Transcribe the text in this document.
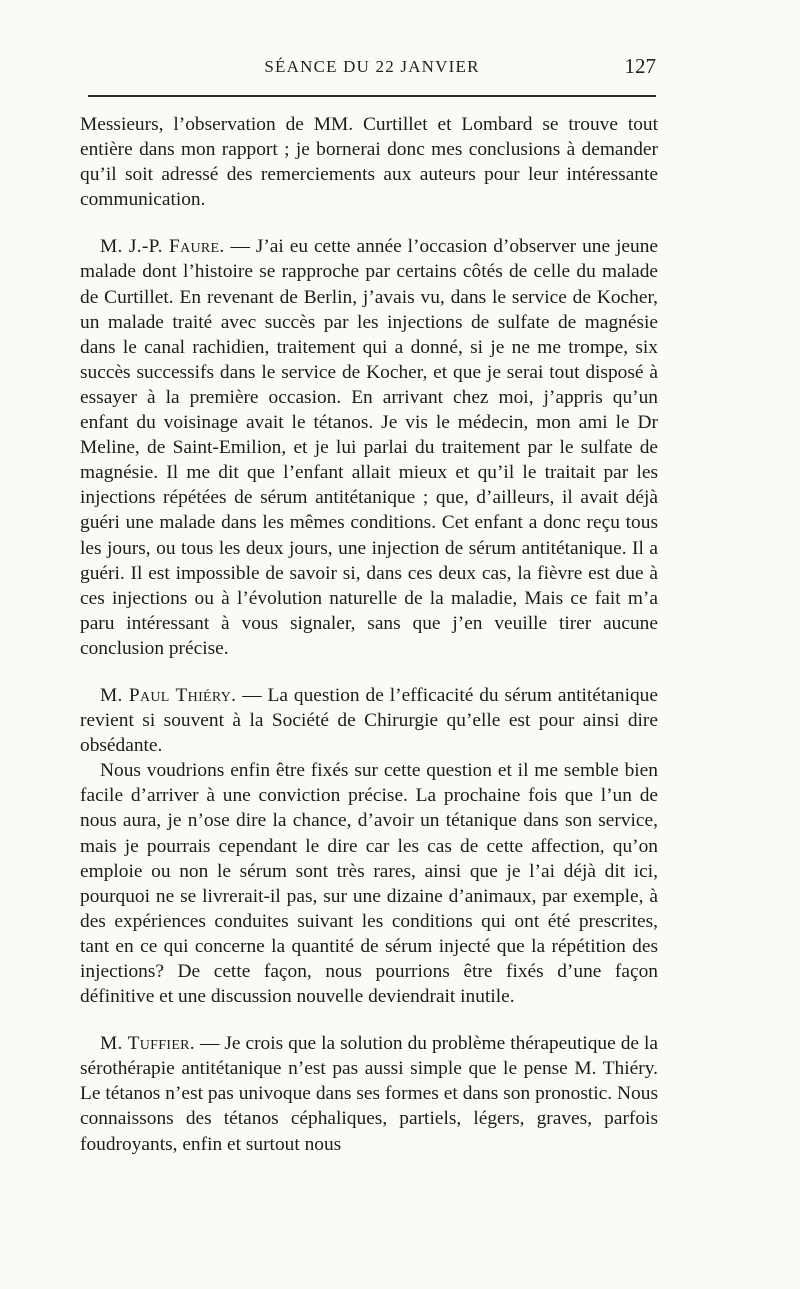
SÉANCE DU 22 JANVIER	127

Messieurs, l’observation de MM. Curtillet et Lombard se trouve tout entière dans mon rapport ; je bornerai donc mes conclusions à demander qu’il soit adressé des remerciements aux auteurs pour leur intéressante communication.

M. J.-P. Faure. — J’ai eu cette année l’occasion d’observer une jeune malade dont l’histoire se rapproche par certains côtés de celle du malade de Curtillet. En revenant de Berlin, j’avais vu, dans le service de Kocher, un malade traité avec succès par les injections de sulfate de magnésie dans le canal rachidien, traitement qui a donné, si je ne me trompe, six succès successifs dans le service de Kocher, et que je serai tout disposé à essayer à la première occasion. En arrivant chez moi, j’appris qu’un enfant du voisinage avait le tétanos. Je vis le médecin, mon ami le Dr Meline, de Saint-Emilion, et je lui parlai du traitement par le sulfate de magnésie. Il me dit que l’enfant allait mieux et qu’il le traitait par les injections répétées de sérum antitétanique ; que, d’ailleurs, il avait déjà guéri une malade dans les mêmes conditions. Cet enfant a donc reçu tous les jours, ou tous les deux jours, une injection de sérum antitétanique. Il a guéri. Il est impossible de savoir si, dans ces deux cas, la fièvre est due à ces injections ou à l’évolution naturelle de la maladie, Mais ce fait m’a paru intéressant à vous signaler, sans que j’en veuille tirer aucune conclusion précise.

M. Paul Thiéry. — La question de l’efficacité du sérum antitétanique revient si souvent à la Société de Chirurgie qu’elle est pour ainsi dire obsédante.

Nous voudrions enfin être fixés sur cette question et il me semble bien facile d’arriver à une conviction précise. La prochaine fois que l’un de nous aura, je n’ose dire la chance, d’avoir un tétanique dans son service, mais je pourrais cependant le dire car les cas de cette affection, qu’on emploie ou non le sérum sont très rares, ainsi que je l’ai déjà dit ici, pourquoi ne se livrerait-il pas, sur une dizaine d’animaux, par exemple, à des expériences conduites suivant les conditions qui ont été prescrites, tant en ce qui concerne la quantité de sérum injecté que la répétition des injections? De cette façon, nous pourrions être fixés d’une façon définitive et une discussion nouvelle deviendrait inutile.

M. Tuffier. — Je crois que la solution du problème thérapeutique de la sérothérapie antitétanique n’est pas aussi simple que le pense M. Thiéry. Le tétanos n’est pas univoque dans ses formes et dans son pronostic. Nous connaissons des tétanos céphaliques, partiels, légers, graves, parfois foudroyants, enfin et surtout nous
